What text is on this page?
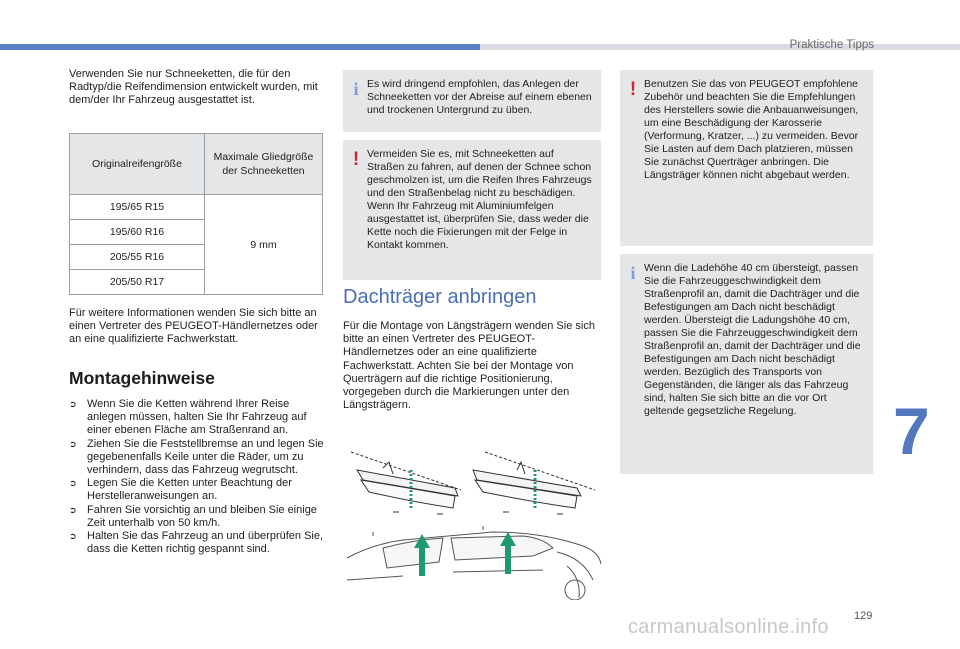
Praktische Tipps

Verwenden Sie nur Schneeketten, die für den Radtyp/die Reifendimension entwickelt wurden, mit dem/der Ihr Fahrzeug ausgestattet ist.

Originalreifengröße	Maximale Gliedgröße der Schneeketten
195/65 R15	9 mm
195/60 R16	
205/55 R16	
205/50 R17	

Für weitere Informationen wenden Sie sich bitte an einen Vertreter des PEUGEOT-Händlernetzes oder an eine qualifizierte Fachwerkstatt.

Montagehinweise
➲ Wenn Sie die Ketten während Ihrer Reise anlegen müssen, halten Sie Ihr Fahrzeug auf einer ebenen Fläche am Straßenrand an.
➲ Ziehen Sie die Feststellbremse an und legen Sie gegebenenfalls Keile unter die Räder, um zu verhindern, dass das Fahrzeug wegrutscht.
➲ Legen Sie die Ketten unter Beachtung der Herstelleranweisungen an.
➲ Fahren Sie vorsichtig an und bleiben Sie einige Zeit unterhalb von 50 km/h.
➲ Halten Sie das Fahrzeug an und überprüfen Sie, dass die Ketten richtig gespannt sind.
i Es wird dringend empfohlen, das Anlegen der Schneeketten vor der Abreise auf einem ebenen und trockenen Untergrund zu üben.
! Vermeiden Sie es, mit Schneeketten auf Straßen zu fahren, auf denen der Schnee schon geschmolzen ist, um die Reifen Ihres Fahrzeugs und den Straßenbelag nicht zu beschädigen. Wenn Ihr Fahrzeug mit Aluminiumfelgen ausgestattet ist, überprüfen Sie, dass weder die Kette noch die Fixierungen mit der Felge in Kontakt kommen.
Dachträger anbringen

Für die Montage von Längsträgern wenden Sie sich bitte an einen Vertreter des PEUGEOT-Händlernetzes oder an eine qualifizierte Fachwerkstatt. Achten Sie bei der Montage von Querträgern auf die richtige Positionierung, vorgegeben durch die Markierungen unter den Längsträgern.

! Benutzen Sie das von PEUGEOT empfohlene Zubehör und beachten Sie die Empfehlungen des Herstellers sowie die Anbauanweisungen, um eine Beschädigung der Karosserie (Verformung, Kratzer, ...) zu vermeiden. Bevor Sie Lasten auf dem Dach platzieren, müssen Sie zunächst Querträger anbringen. Die Längsträger können nicht abgebaut werden.
i Wenn die Ladehöhe 40 cm übersteigt, passen Sie die Fahrzeuggeschwindigkeit dem Straßenprofil an, damit die Dachträger und die Befestigungen am Dach nicht beschädigt werden. Übersteigt die Ladungshöhe 40 cm, passen Sie die Fahrzeuggeschwindigkeit dem Straßenprofil an, damit der Dachträger und die Befestigungen am Dach nicht beschädigt werden. Bezüglich des Transports von Gegenständen, die länger als das Fahrzeug sind, halten Sie sich bitte an die vor Ort geltende gegsetzliche Regelung.	7
129
carmanualsonline.info
